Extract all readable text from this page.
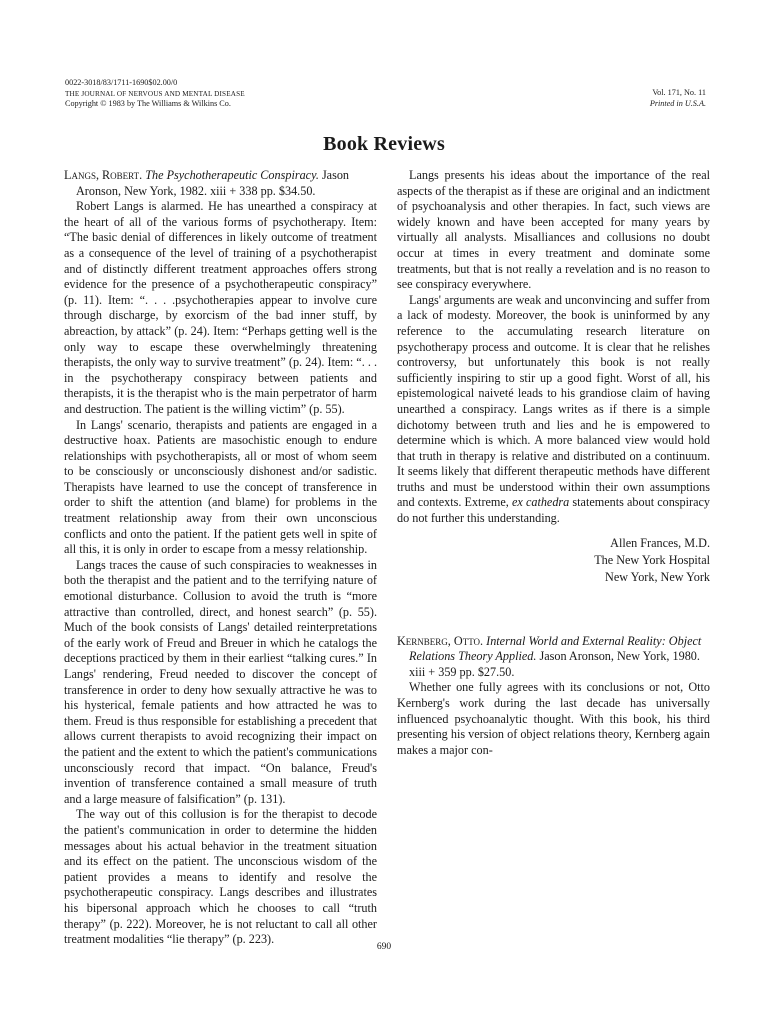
0022-3018/83/1711-1690$02.00/0
THE JOURNAL OF NERVOUS AND MENTAL DISEASE
Copyright © 1983 by The Williams & Wilkins Co.
Vol. 171, No. 11
Printed in U.S.A.
Book Reviews
Langs, Robert. The Psychotherapeutic Conspiracy. Jason Aronson, New York, 1982. xiii + 338 pp. $34.50.

Robert Langs is alarmed. He has unearthed a conspiracy at the heart of all of the various forms of psychotherapy. Item: “The basic denial of differences in likely outcome of treatment as a consequence of the level of training of a psychotherapist and of distinctly different treatment approaches offers strong evidence for the presence of a psychotherapeutic conspiracy” (p. 11). Item: “. . . .psychotherapies appear to involve cure through discharge, by exorcism of the bad inner stuff, by abreaction, by attack” (p. 24). Item: “Perhaps getting well is the only way to escape these overwhelmingly threatening therapists, the only way to survive treatment” (p. 24). Item: “. . . in the psychotherapy conspiracy between patients and therapists, it is the therapist who is the main perpetrator of harm and destruction. The patient is the willing victim” (p. 55).

In Langs' scenario, therapists and patients are engaged in a destructive hoax. Patients are masochistic enough to endure relationships with psychotherapists, all or most of whom seem to be consciously or unconsciously dishonest and/or sadistic. Therapists have learned to use the concept of transference in order to shift the attention (and blame) for problems in the treatment relationship away from their own unconscious conflicts and onto the patient. If the patient gets well in spite of all this, it is only in order to escape from a messy relationship.

Langs traces the cause of such conspiracies to weaknesses in both the therapist and the patient and to the terrifying nature of emotional disturbance. Collusion to avoid the truth is “more attractive than controlled, direct, and honest search” (p. 55). Much of the book consists of Langs' detailed reinterpretations of the early work of Freud and Breuer in which he catalogs the deceptions practiced by them in their earliest “talking cures.” In Langs' rendering, Freud needed to discover the concept of transference in order to deny how sexually attractive he was to his hysterical, female patients and how attracted he was to them. Freud is thus responsible for establishing a precedent that allows current therapists to avoid recognizing their impact on the patient and the extent to which the patient's communications unconsciously record that impact. “On balance, Freud's invention of transference contained a small measure of truth and a large measure of falsification” (p. 131).

The way out of this collusion is for the therapist to decode the patient's communication in order to determine the hidden messages about his actual behavior in the treatment situation and its effect on the patient. The unconscious wisdom of the patient provides a means to identify and resolve the psychotherapeutic conspiracy. Langs describes and illustrates his bipersonal approach which he chooses to call “truth therapy” (p. 222). Moreover, he is not reluctant to call all other treatment modalities “lie therapy” (p. 223).

Langs presents his ideas about the importance of the real aspects of the therapist as if these are original and an indictment of psychoanalysis and other therapies. In fact, such views are widely known and have been accepted for many years by virtually all analysts. Misalliances and collusions no doubt occur at times in every treatment and dominate some treatments, but that is not really a revelation and is no reason to see conspiracy everywhere.

Langs' arguments are weak and unconvincing and suffer from a lack of modesty. Moreover, the book is uninformed by any reference to the accumulating research literature on psychotherapy process and outcome. It is clear that he relishes controversy, but unfortunately this book is not really sufficiently inspiring to stir up a good fight. Worst of all, his epistemological naiveté leads to his grandiose claim of having unearthed a conspiracy. Langs writes as if there is a simple dichotomy between truth and lies and he is empowered to determine which is which. A more balanced view would hold that truth in therapy is relative and distributed on a continuum. It seems likely that different therapeutic methods have different truths and must be understood within their own assumptions and contexts. Extreme, ex cathedra statements about conspiracy do not further this understanding.

Allen Frances, M.D.
The New York Hospital
New York, New York
Kernberg, Otto. Internal World and External Reality: Object Relations Theory Applied. Jason Aronson, New York, 1980. xiii + 359 pp. $27.50.

Whether one fully agrees with its conclusions or not, Otto Kernberg's work during the last decade has universally influenced psychoanalytic thought. With this book, his third presenting his version of object relations theory, Kernberg again makes a major con-

690
